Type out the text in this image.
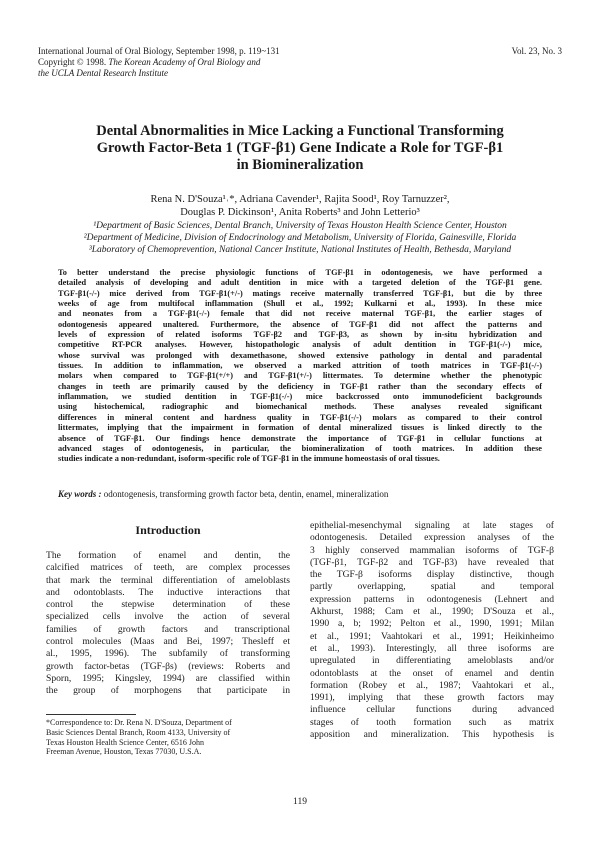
International Journal of Oral Biology, September 1998, p. 119~131
Copyright © 1998. The Korean Academy of Oral Biology and
the UCLA Dental Research Institute
Vol. 23, No. 3
Dental Abnormalities in Mice Lacking a Functional Transforming
Growth Factor-Beta 1 (TGF-β1) Gene Indicate a Role for TGF-β1
in Biomineralization
Rena N. D'Souza¹˒*, Adriana Cavender¹, Rajita Sood¹, Roy Tarnuzzer²,
Douglas P. Dickinson¹, Anita Roberts³ and John Letterio³
¹Department of Basic Sciences, Dental Branch, University of Texas Houston Health Science Center, Houston
²Department of Medicine, Division of Endocrinology and Metabolism, University of Florida, Gainesville, Florida
³Laboratory of Chemoprevention, National Cancer Institute, National Institutes of Health, Bethesda, Maryland
To better understand the precise physiologic functions of TGF-β1 in odontogenesis, we have performed a
detailed analysis of developing and adult dentition in mice with a targeted deletion of the TGF-β1 gene.
TGF-β1(-/-) mice derived from TGF-β1(+/-) matings receive maternally transferred TGF-β1, but die by three
weeks of age from multifocal inflammation (Shull et al., 1992; Kulkarni et al., 1993). In these mice
and neonates from a TGF-β1(-/-) female that did not receive maternal TGF-β1, the earlier stages of
odontogenesis appeared unaltered. Furthermore, the absence of TGF-β1 did not affect the patterns and
levels of expression of related isoforms TGF-β2 and TGF-β3, as shown by in-situ hybridization and
competitive RT-PCR analyses. However, histopathologic analysis of adult dentition in TGF-β1(-/-) mice,
whose survival was prolonged with dexamethasone, showed extensive pathology in dental and paradental
tissues. In addition to inflammation, we observed a marked attrition of tooth matrices in TGF-β1(-/-)
molars when compared to TGF-β1(+/+) and TGF-β1(+/-) littermates. To determine whether the phenotypic
changes in teeth are primarily caused by the deficiency in TGF-β1 rather than the secondary effects of
inflammation, we studied dentition in TGF-β1(-/-) mice backcrossed onto immunodeficient backgrounds
using histochemical, radiographic and biomechanical methods. These analyses revealed significant
differences in mineral content and hardness quality in TGF-β1(-/-) molars as compared to their control
littermates, implying that the impairment in formation of dental mineralized tissues is linked directly to the
absence of TGF-β1. Our findings hence demonstrate the importance of TGF-β1 in cellular functions at
advanced stages of odontogenesis, in particular, the biomineralization of tooth matrices. In addition these
studies indicate a non-redundant, isoform-specific role of TGF-β1 in the immune homeostasis of oral tissues.
Key words : odontogenesis, transforming growth factor beta, dentin, enamel, mineralization
Introduction
The formation of enamel and dentin, the
calcified matrices of teeth, are complex processes
that mark the terminal differentiation of ameloblasts
and odontoblasts. The inductive interactions that
control the stepwise determination of these
specialized cells involve the action of several
families of growth factors and transcriptional
control molecules (Maas and Bei, 1997; Thesleff et
al., 1995, 1996). The subfamily of transforming
growth factor-betas (TGF-βs) (reviews: Roberts and
Sporn, 1995; Kingsley, 1994) are classified within
the group of morphogens that participate in
epithelial-mesenchymal signaling at late stages of
odontogenesis. Detailed expression analyses of the
3 highly conserved mammalian isoforms of TGF-β
(TGF-β1, TGF-β2 and TGF-β3) have revealed that
the TGF-β isoforms display distinctive, though
partly overlapping, spatial and temporal
expression patterns in odontogenesis (Lehnert and
Akhurst, 1988; Cam et al., 1990; D'Souza et al.,
1990 a, b; 1992; Pelton et al., 1990, 1991; Milan
et al., 1991; Vaahtokari et al., 1991; Heikinheimo
et al., 1993). Interestingly, all three isoforms are
upregulated in differentiating ameloblasts and/or
odontoblasts at the onset of enamel and dentin
formation (Robey et al., 1987; Vaahtokari et al.,
1991), implying that these growth factors may
influence cellular functions during advanced
stages of tooth formation such as matrix
apposition and mineralization. This hypothesis is
*Correspondence to: Dr. Rena N. D'Souza, Department of
Basic Sciences Dental Branch, Room 4133, University of
Texas Houston Health Science Center, 6516 John
Freeman Avenue, Houston, Texas 77030, U.S.A.
119
